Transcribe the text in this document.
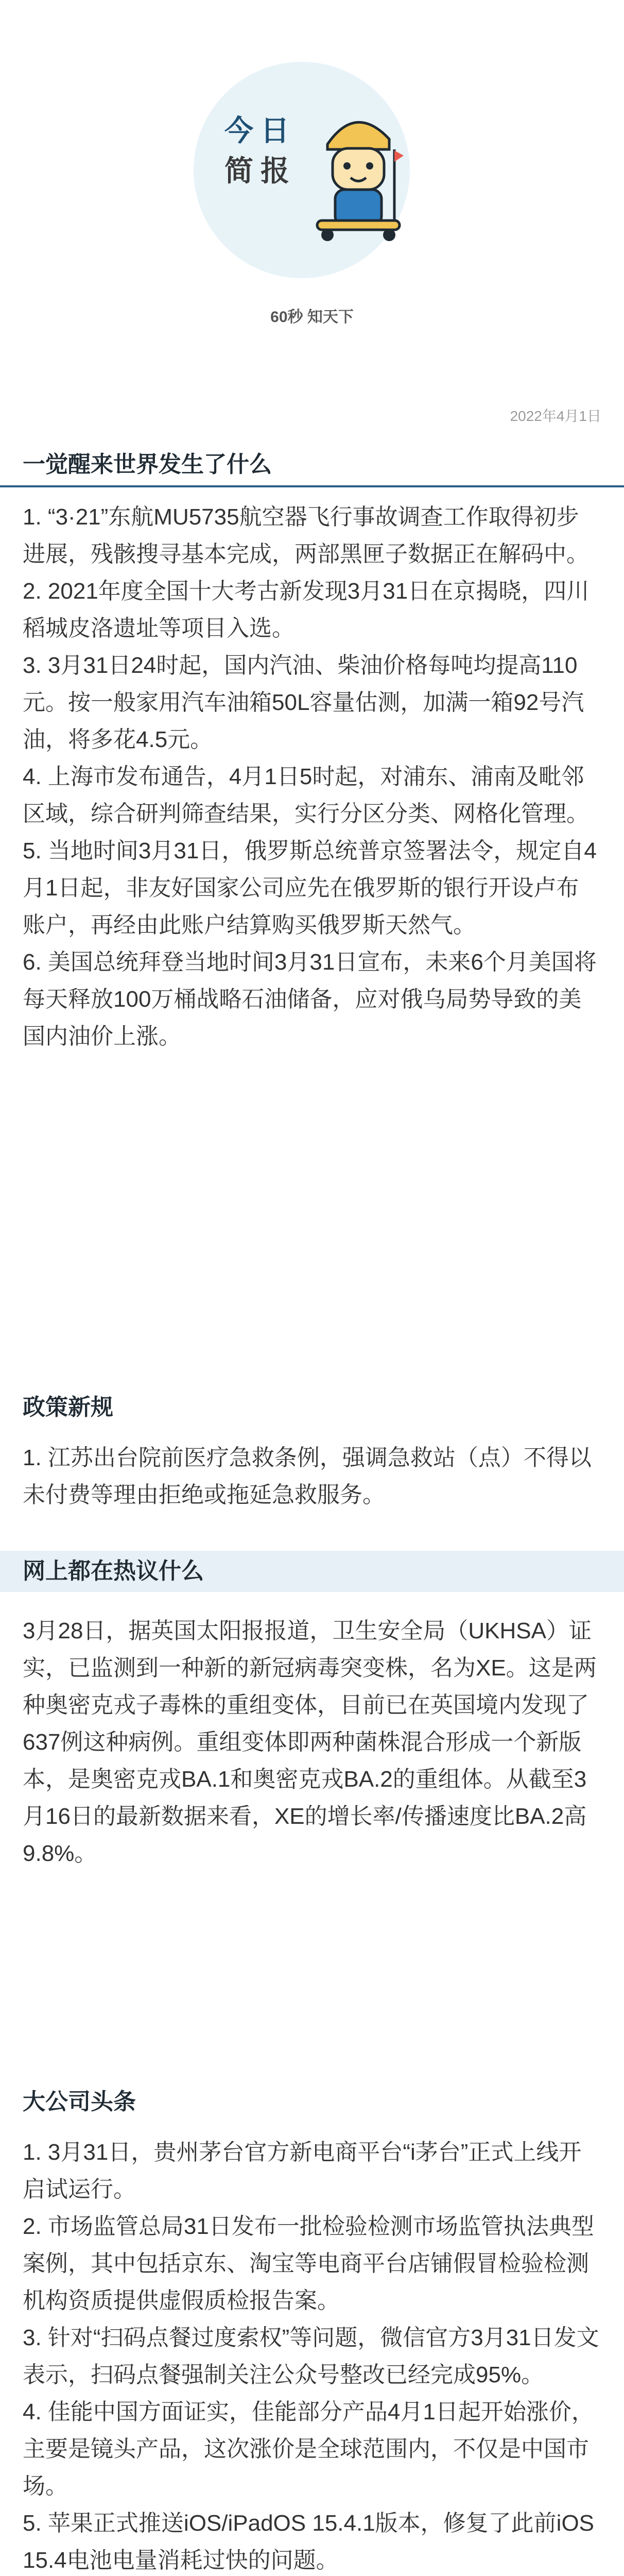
今日
简报
60秒 知天下
2022年4月1日
一觉醒来世界发生了什么

1. “3·21”东航MU5735航空器飞行事故调查工作取得初步进展，残骸搜寻基本完成，两部黑匣子数据正在解码中。

2. 2021年度全国十大考古新发现3月31日在京揭晓，四川稻城皮洛遗址等项目入选。

3. 3月31日24时起，国内汽油、柴油价格每吨均提高110元。按一般家用汽车油箱50L容量估测，加满一箱92号汽油，将多花4.5元。

4. 上海市发布通告，4月1日5时起，对浦东、浦南及毗邻区域，综合研判筛查结果，实行分区分类、网格化管理。

5. 当地时间3月31日，俄罗斯总统普京签署法令，规定自4月1日起，非友好国家公司应先在俄罗斯的银行开设卢布账户，再经由此账户结算购买俄罗斯天然气。

6. 美国总统拜登当地时间3月31日宣布，未来6个月美国将每天释放100万桶战略石油储备，应对俄乌局势导致的美国内油价上涨。

政策新规

1. 江苏出台院前医疗急救条例，强调急救站（点）不得以未付费等理由拒绝或拖延急救服务。

网上都在热议什么

3月28日，据英国太阳报报道，卫生安全局（UKHSA）证实，已监测到一种新的新冠病毒突变株，名为XE。这是两种奥密克戎子毒株的重组变体，目前已在英国境内发现了637例这种病例。重组变体即两种菌株混合形成一个新版本，是奥密克戎BA.1和奥密克戎BA.2的重组体。从截至3月16日的最新数据来看，XE的增长率/传播速度比BA.2高9.8%。

大公司头条

1. 3月31日，贵州茅台官方新电商平台“i茅台”正式上线开启试运行。

2. 市场监管总局31日发布一批检验检测市场监管执法典型案例，其中包括京东、淘宝等电商平台店铺假冒检验检测机构资质提供虚假质检报告案。

3. 针对“扫码点餐过度索权”等问题，微信官方3月31日发文表示，扫码点餐强制关注公众号整改已经完成95%。

4. 佳能中国方面证实，佳能部分产品4月1日起开始涨价，主要是镜头产品，这次涨价是全球范围内，不仅是中国市场。

5. 苹果正式推送iOS/iPadOS 15.4.1版本，修复了此前iOS 15.4电池电量消耗过快的问题。
